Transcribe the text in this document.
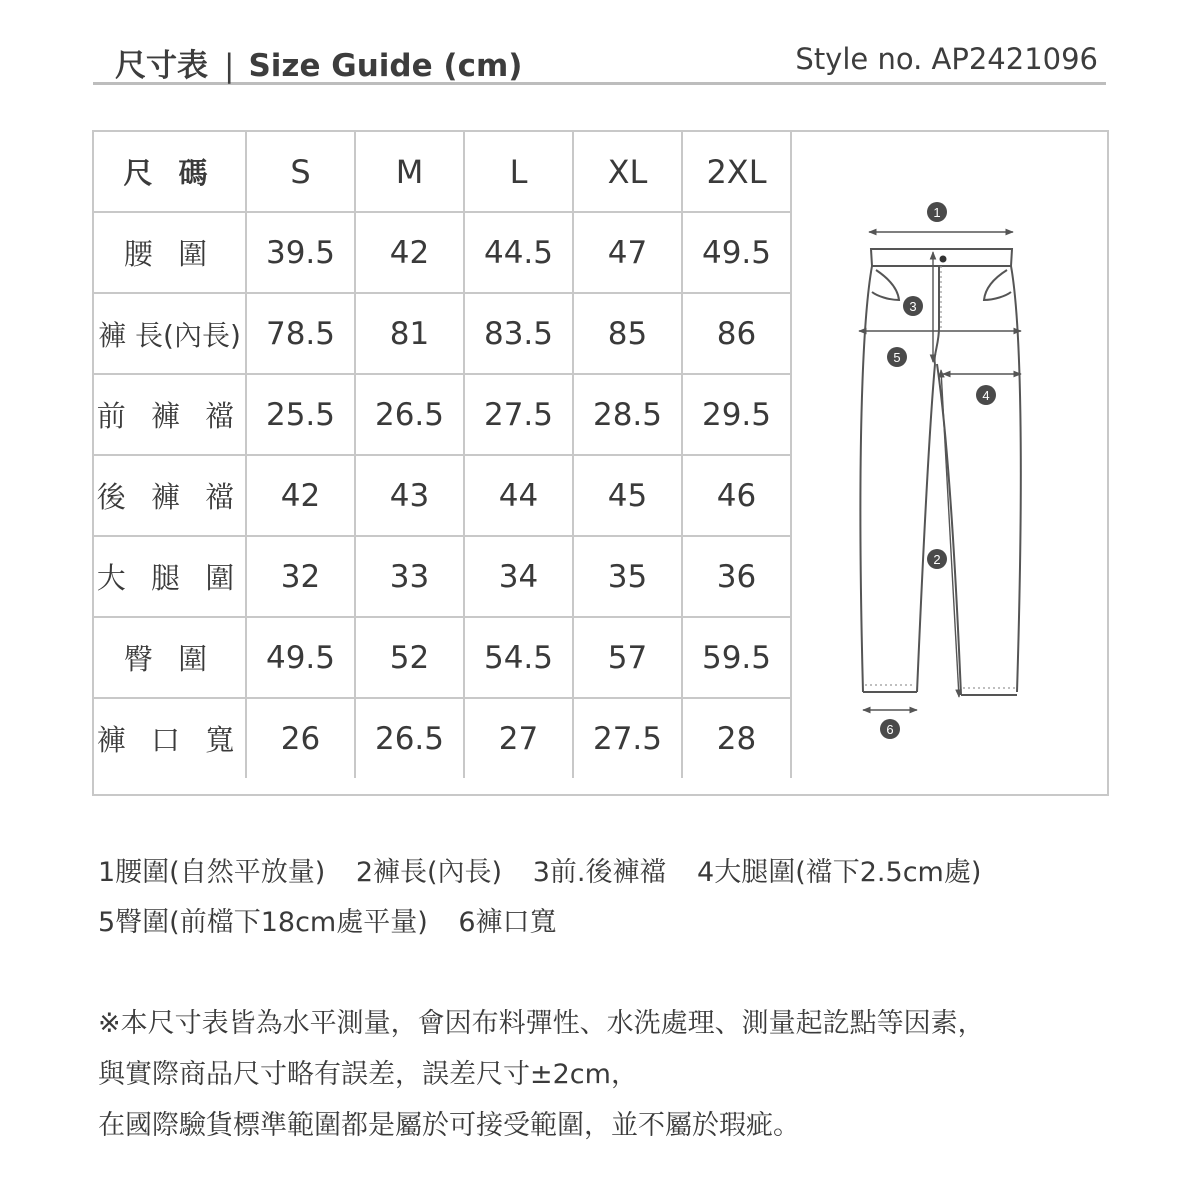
尺寸表 | Size Guide (cm)	Style no. AP2421096
尺 碼	S	M	L	XL	2XL
腰 圍	39.5	42	44.5	47	49.5
褲 長(內長)	78.5	81	83.5	85	86
前 褲 襠	25.5	26.5	27.5	28.5	29.5
後 褲 襠	42	43	44	45	46
大 腿 圍	32	33	34	35	36
臀 圍	49.5	52	54.5	57	59.5
褲 口 寬	26	26.5	27	27.5	28
1
3
5
4
2
6
1腰圍(自然平放量) 2褲長(內長) 3前.後褲襠 4大腿圍(襠下2.5cm處)
5臀圍(前檔下18cm處平量) 6褲口寬
※本尺寸表皆為水平測量，會因布料彈性、水洗處理、測量起訖點等因素，
與實際商品尺寸略有誤差，誤差尺寸±2cm，
在國際驗貨標準範圍都是屬於可接受範圍，並不屬於瑕疵。
